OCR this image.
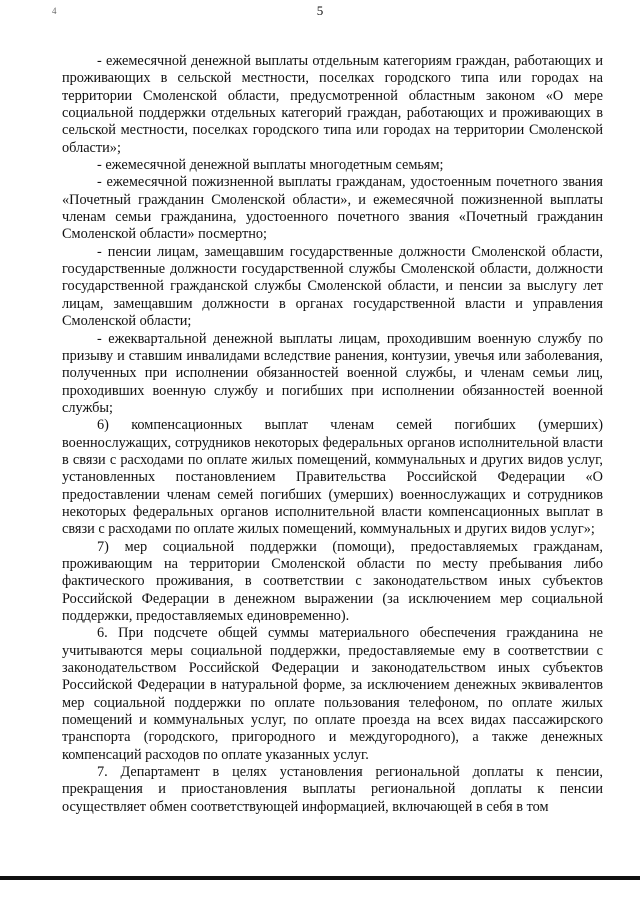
4	5

- ежемесячной денежной выплаты отдельным категориям граждан, работающих и проживающих в сельской местности, поселках городского типа или городах на территории Смоленской области, предусмотренной областным законом «О мере социальной поддержки отдельных категорий граждан, работающих и проживающих в сельской местности, поселках городского типа или городах на территории Смоленской области»;

- ежемесячной денежной выплаты многодетным семьям;

- ежемесячной пожизненной выплаты гражданам, удостоенным почетного звания «Почетный гражданин Смоленской области», и ежемесячной пожизненной выплаты членам семьи гражданина, удостоенного почетного звания «Почетный гражданин Смоленской области» посмертно;

- пенсии лицам, замещавшим государственные должности Смоленской области, государственные должности государственной службы Смоленской области, должности государственной гражданской службы Смоленской области, и пенсии за выслугу лет лицам, замещавшим должности в органах государственной власти и управления Смоленской области;

- ежеквартальной денежной выплаты лицам, проходившим военную службу по призыву и ставшим инвалидами вследствие ранения, контузии, увечья или заболевания, полученных при исполнении обязанностей военной службы, и членам семьи лиц, проходивших военную службу и погибших при исполнении обязанностей военной службы;

6) компенсационных выплат членам семей погибших (умерших) военнослужащих, сотрудников некоторых федеральных органов исполнительной власти в связи с расходами по оплате жилых помещений, коммунальных и других видов услуг, установленных постановлением Правительства Российской Федерации «О предоставлении членам семей погибших (умерших) военнослужащих и сотрудников некоторых федеральных органов исполнительной власти компенсационных выплат в связи с расходами по оплате жилых помещений, коммунальных и других видов услуг»;

7) мер социальной поддержки (помощи), предоставляемых гражданам, проживающим на территории Смоленской области по месту пребывания либо фактического проживания, в соответствии с законодательством иных субъектов Российской Федерации в денежном выражении (за исключением мер социальной поддержки, предоставляемых единовременно).

6. При подсчете общей суммы материального обеспечения гражданина не учитываются меры социальной поддержки, предоставляемые ему в соответствии с законодательством Российской Федерации и законодательством иных субъектов Российской Федерации в натуральной форме, за исключением денежных эквивалентов мер социальной поддержки по оплате пользования телефоном, по оплате жилых помещений и коммунальных услуг, по оплате проезда на всех видах пассажирского транспорта (городского, пригородного и междугородного), а также денежных компенсаций расходов по оплате указанных услуг.

7. Департамент в целях установления региональной доплаты к пенсии, прекращения и приостановления выплаты региональной доплаты к пенсии осуществляет обмен соответствующей информацией, включающей в себя в том
